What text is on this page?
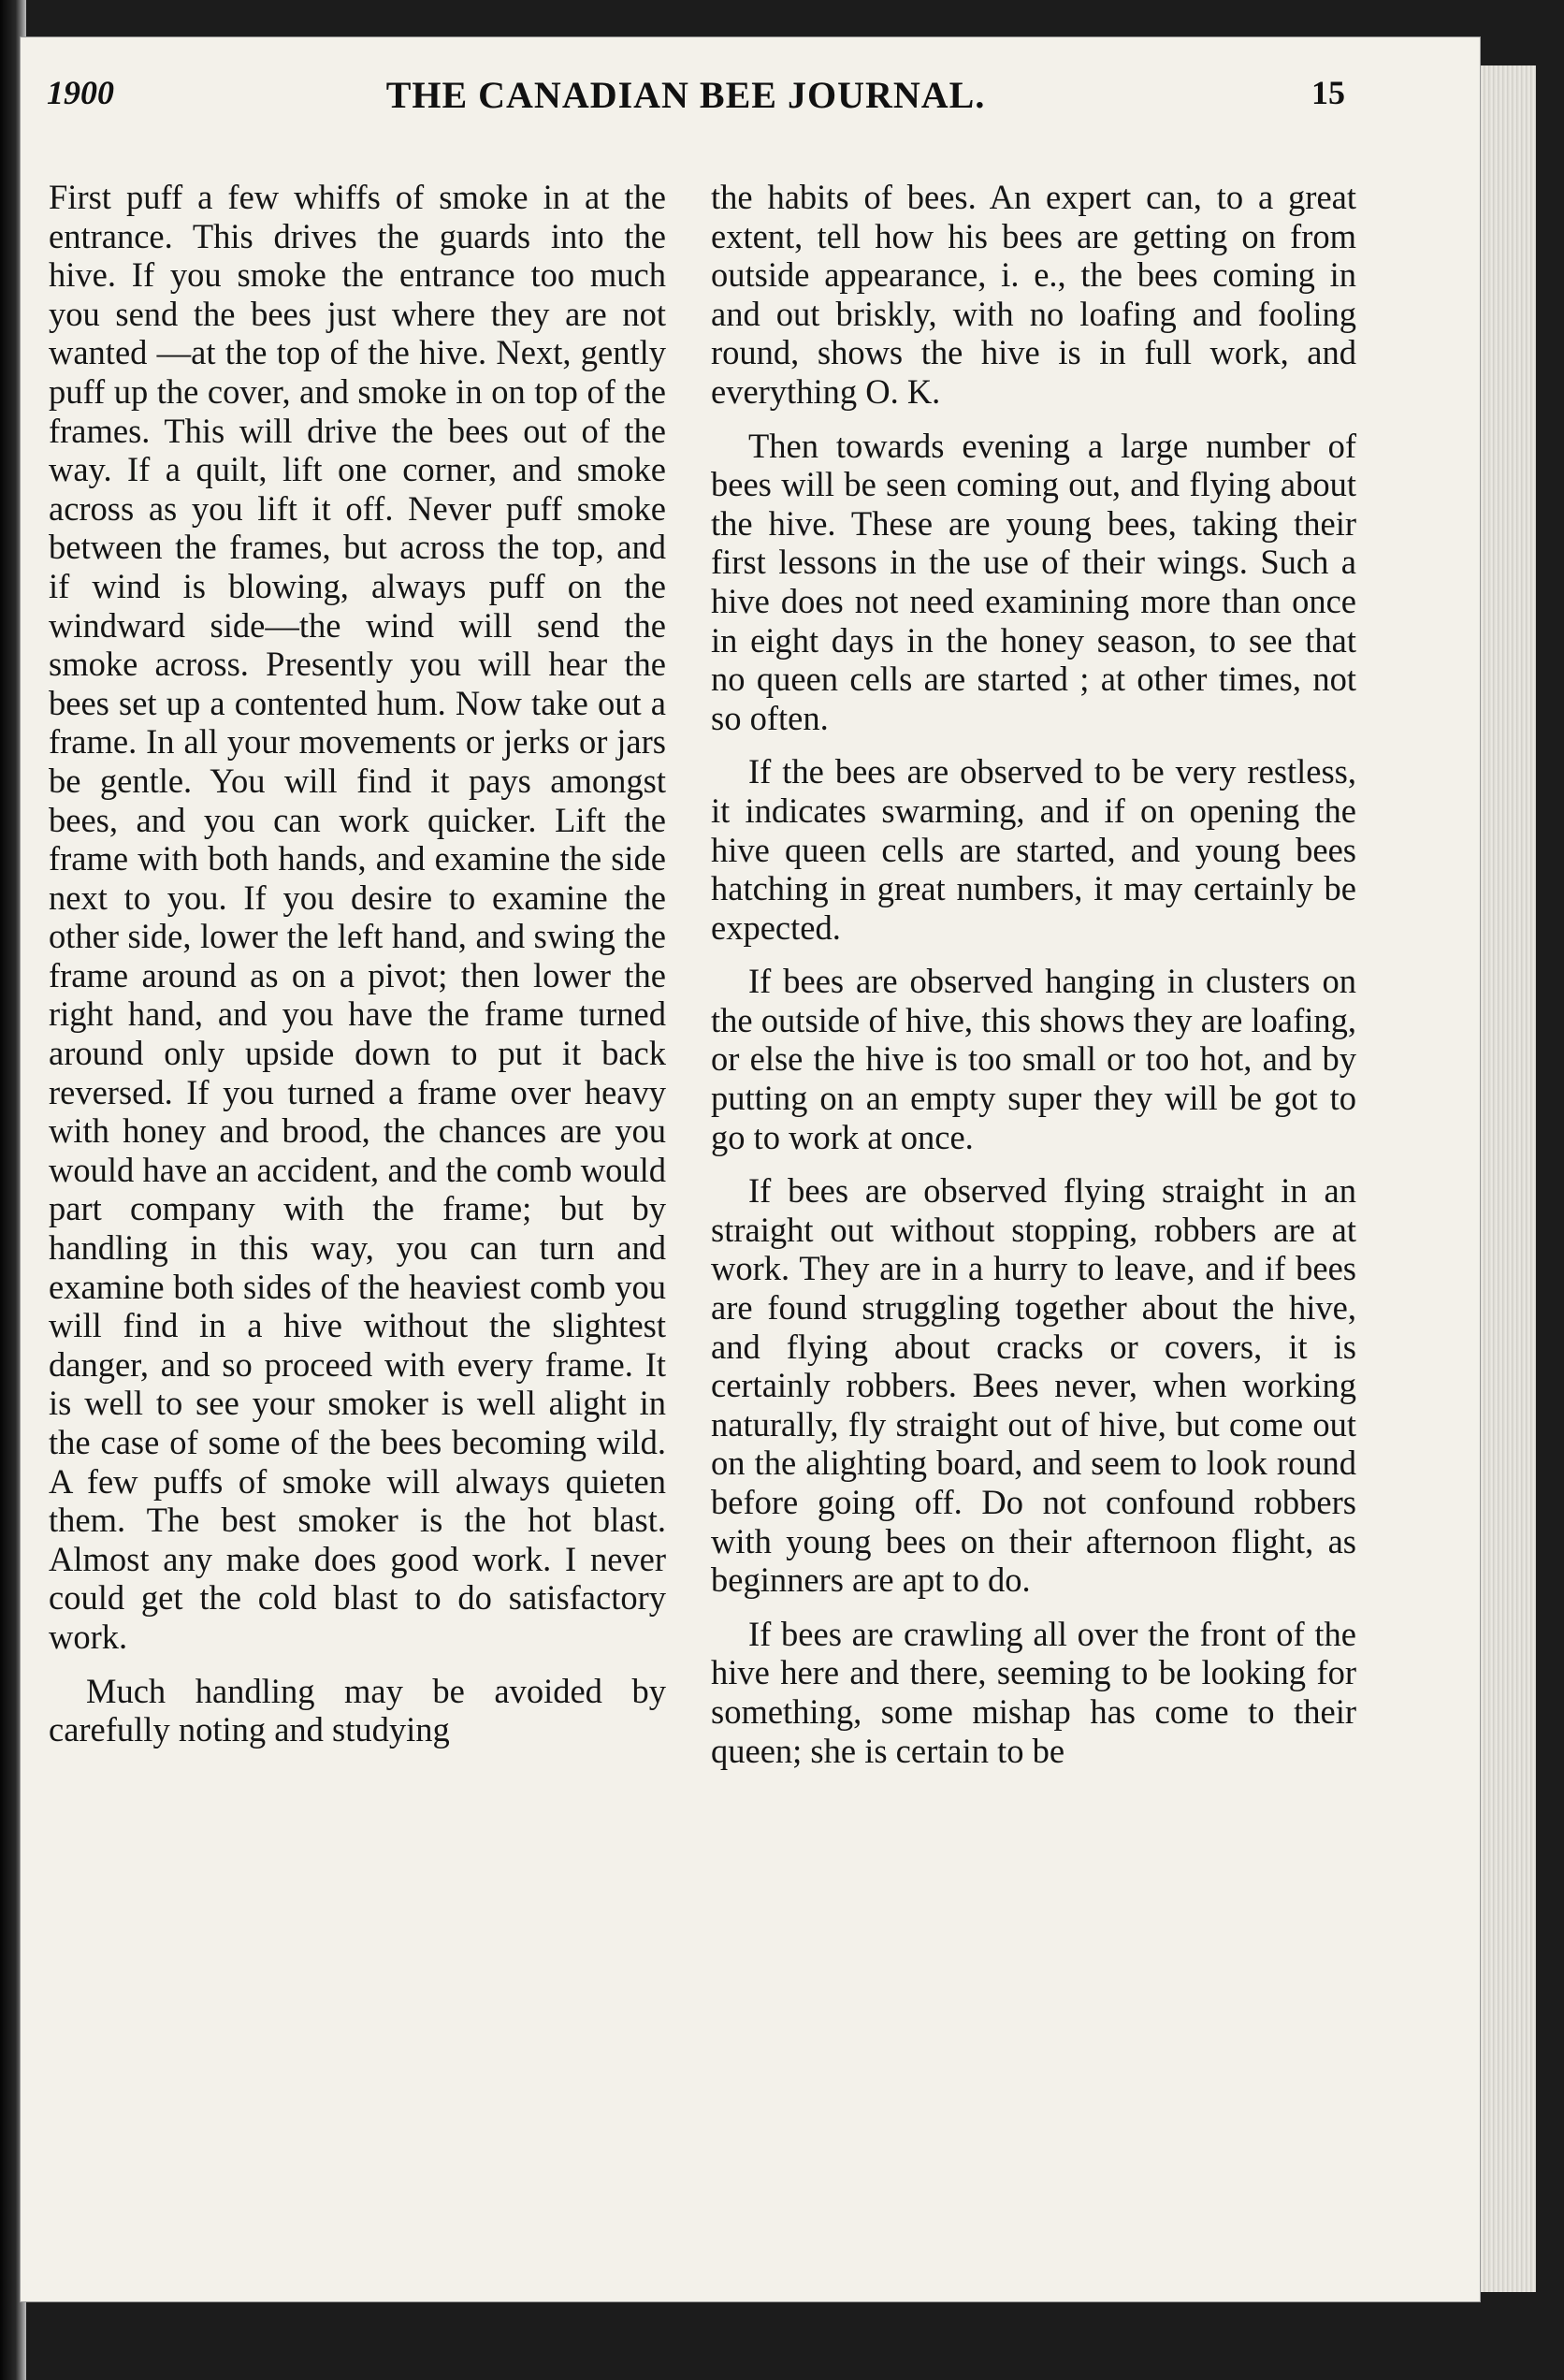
1900	THE CANADIAN BEE JOURNAL.	15

First puff a few whiffs of smoke in at the entrance. This drives the guards into the hive. If you smoke the entrance too much you send the bees just where they are not wanted —at the top of the hive. Next, gently puff up the cover, and smoke in on top of the frames. This will drive the bees out of the way. If a quilt, lift one corner, and smoke across as you lift it off. Never puff smoke between the frames, but across the top, and if wind is blowing, always puff on the windward side—the wind will send the smoke across. Presently you will hear the bees set up a contented hum. Now take out a frame. In all your movements or jerks or jars be gentle. You will find it pays amongst bees, and you can work quicker. Lift the frame with both hands, and examine the side next to you. If you desire to examine the other side, lower the left hand, and swing the frame around as on a pivot; then lower the right hand, and you have the frame turned around only upside down to put it back reversed. If you turned a frame over heavy with honey and brood, the chances are you would have an accident, and the comb would part company with the frame; but by handling in this way, you can turn and examine both sides of the heaviest comb you will find in a hive without the slightest danger, and so proceed with every frame. It is well to see your smoker is well alight in the case of some of the bees becoming wild. A few puffs of smoke will always quieten them. The best smoker is the hot blast. Almost any make does good work. I never could get the cold blast to do satisfactory work.

Much handling may be avoided by carefully noting and studying

the habits of bees. An expert can, to a great extent, tell how his bees are getting on from outside appearance, i. e., the bees coming in and out briskly, with no loafing and fooling round, shows the hive is in full work, and everything O. K.

Then towards evening a large number of bees will be seen coming out, and flying about the hive. These are young bees, taking their first lessons in the use of their wings. Such a hive does not need examining more than once in eight days in the honey season, to see that no queen cells are started ; at other times, not so often.

If the bees are observed to be very restless, it indicates swarming, and if on opening the hive queen cells are started, and young bees hatching in great numbers, it may certainly be expected.

If bees are observed hanging in clusters on the outside of hive, this shows they are loafing, or else the hive is too small or too hot, and by putting on an empty super they will be got to go to work at once.

If bees are observed flying straight in an straight out without stopping, robbers are at work. They are in a hurry to leave, and if bees are found struggling together about the hive, and flying about cracks or covers, it is certainly robbers. Bees never, when working naturally, fly straight out of hive, but come out on the alighting board, and seem to look round before going off. Do not confound robbers with young bees on their afternoon flight, as beginners are apt to do.

If bees are crawling all over the front of the hive here and there, seeming to be looking for something, some mishap has come to their queen; she is certain to be
